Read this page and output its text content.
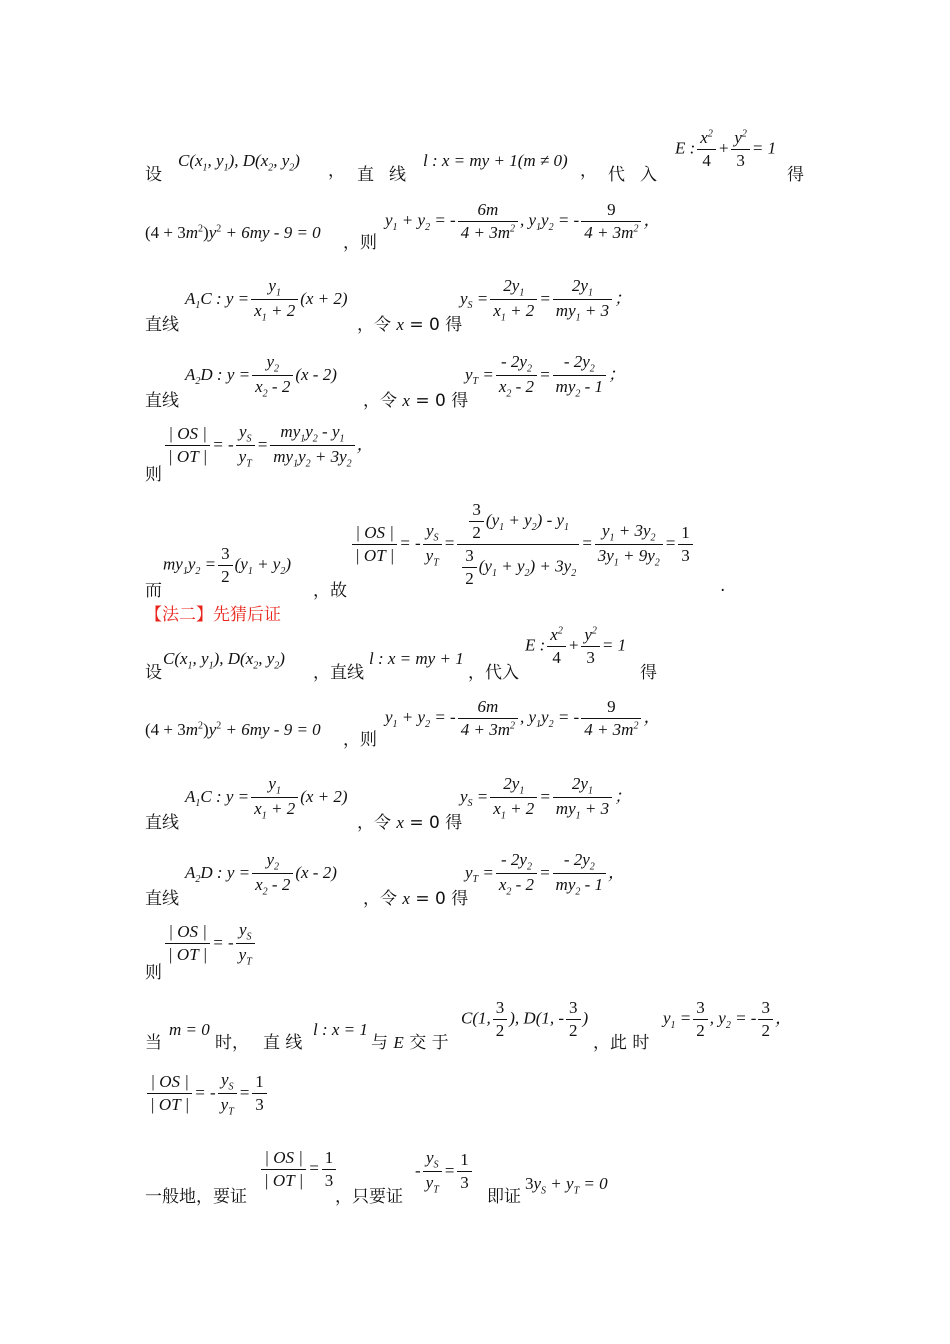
设
$C(x_1$, $y_1$), $D(x_2$, $y_2$)
， 直 线
l : x = my + 1(m ≠ 0)
， 代 入
E : $\frac{x^2}{4} + \frac{y^2}{3} = 1$
得
$(4 + 3m^2)y^2 + 6my - 9 = 0$
，则
$y_1 + y_2$ = - $\frac{6m}{4 + 3m^2}$ , $y_1y_2$ = - $\frac{9}{4 + 3m^2}$ ，
直线
$A_1C$ : $y = \frac{y_1}{x_1 + 2} (x + 2)$
，令 x = 0 得
$y_S = \frac{2y_1}{x_1 + 2} = \frac{2y_1}{my_1 + 3}$ ；
直线
$A_2D$ : $y = \frac{y_2}{x_2 - 2} (x - 2)$
，令 x = 0 得
$y_T = \frac{- 2y_2}{x_2 - 2} = \frac{- 2y_2}{my_2 - 1}$ ；
则
$\frac{| OS |}{| OT |}$ = - $\frac{y_S}{y_T} = \frac{my_1y_2 - y_1}{my_1y_2 + 3y_2}$ ，
而
$my_1y_2 = \frac{3}{2} (y_1 + y_2)$
，故
$\frac{| OS |}{| OT |}$ = - $\frac{y_S}{y_T} = \frac{\frac{3}{2} (y_1 + y_2) - y_1}{\frac{3}{2} (y_1 + y_2) + 3y_2} = \frac{y_1 + 3y_2}{3y_1 + 9y_2} = \frac{1}{3}$
.
【法二】先猜后证
设
$C(x_1$, $y_1$), $D(x_2$, $y_2$)
，直线
l : x = my + 1
，代入
E : $\frac{x^2}{4} + \frac{y^2}{3} = 1$
得
$(4 + 3m^2)y^2 + 6my - 9 = 0$
，则
$y_1 + y_2$ = - $\frac{6m}{4 + 3m^2}$ , $y_1y_2$ = - $\frac{9}{4 + 3m^2}$ ，
直线
$A_1C$ : $y = \frac{y_1}{x_1 + 2} (x + 2)$
，令 x = 0 得
$y_S = \frac{2y_1}{x_1 + 2} = \frac{2y_1}{my_1 + 3}$ ；
直线
$A_2D$ : $y = \frac{y_2}{x_2 - 2} (x - 2)$
，令 x = 0 得
$y_T = \frac{- 2y_2}{x_2 - 2} = \frac{- 2y_2}{my_2 - 1}$ ，
则
$\frac{| OS |}{| OT |}$ = - $\frac{y_S}{y_T}$
当
m = 0
时， 直 线
l : x = 1
与 E 交 于
C(1, $\frac{3}{2}$ ), D(1, - $\frac{3}{2}$ )
，此 时
$y_1 = \frac{3}{2}$ , $y_2$ = - $\frac{3}{2}$ ，
$\frac{| OS |}{| OT |}$ = - $\frac{y_S}{y_T} = \frac{1}{3}$
一般地，要证
$\frac{| OS |}{| OT |} = \frac{1}{3}$
，只要证
- $\frac{y_S}{y_T} = \frac{1}{3}$
即证
$3y_S + y_T = 0$
